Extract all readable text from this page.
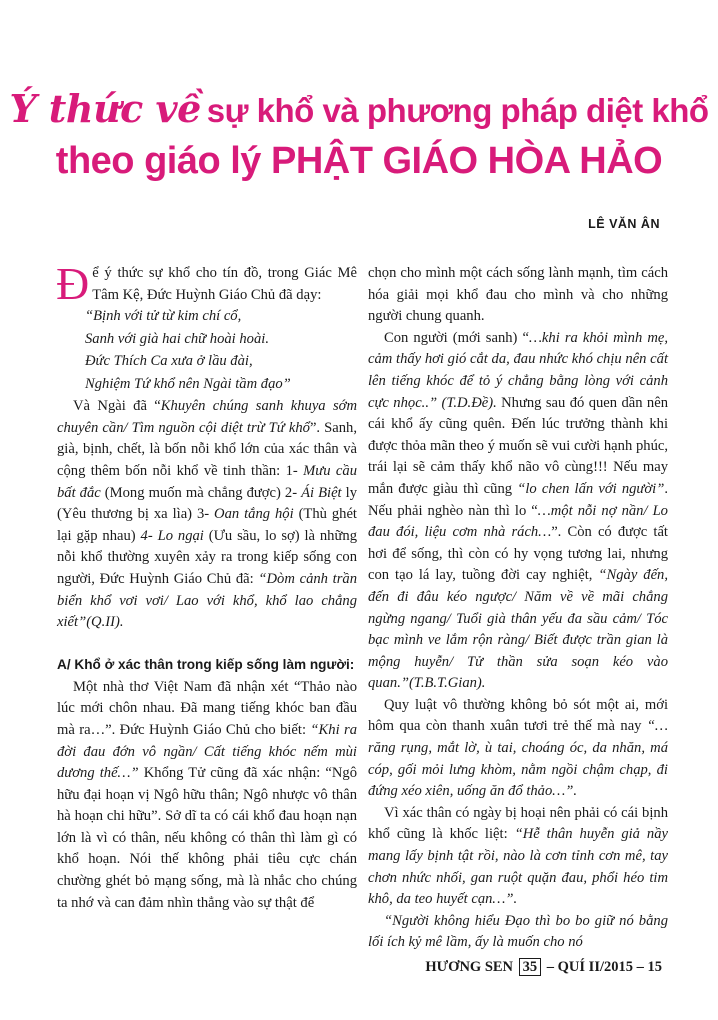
Ý thức về sự khổ và phương pháp diệt khổ
theo giáo lý PHẬT GIÁO HÒA HẢO
LÊ VĂN ÂN

Để ý thức sự khổ cho tín đồ, trong Giác Mê Tâm Kệ, Đức Huỳnh Giáo Chủ đã dạy:

“Bịnh với tử từ kim chí cổ,
Sanh với già hai chữ hoài hoài.
Đức Thích Ca xưa ở lầu đài,
Nghiệm Tứ khổ nên Ngài tầm đạo”

Và Ngài đã “Khuyên chúng sanh khuya sớm chuyên cần/ Tìm nguồn cội diệt trừ Tứ khổ”. Sanh, già, bịnh, chết, là bốn nỗi khổ lớn của xác thân và cộng thêm bốn nỗi khổ về tinh thần: 1- Mưu cầu bất đắc (Mong muốn mà chẳng được) 2- Ái Biệt ly (Yêu thương bị xa lìa) 3- Oan tắng hội (Thù ghét lại gặp nhau) 4- Lo ngại (Ưu sầu, lo sợ) là những nỗi khổ thường xuyên xảy ra trong kiếp sống con người, Đức Huỳnh Giáo Chủ đã: “Dòm cảnh trần biển khổ vơi vơi/ Lao với khổ, khổ lao chẳng xiết”(Q.II).

A/ Khổ ở xác thân trong kiếp sống làm người:

Một nhà thơ Việt Nam đã nhận xét “Thảo nào lúc mới chôn nhau. Đã mang tiếng khóc ban đầu mà ra…”. Đức Huỳnh Giáo Chủ cho biết: “Khi ra đời đau đớn vô ngần/ Cất tiếng khóc nếm mùi dương thế…” Khổng Tử cũng đã xác nhận: “Ngô hữu đại hoạn vị Ngô hữu thân; Ngô nhược vô thân hà hoạn chi hữu”. Sở dĩ ta có cái khổ đau hoạn nạn lớn là vì có thân, nếu không có thân thì làm gì có khổ hoạn. Nói thế không phải tiêu cực chán chường ghét bỏ mạng sống, mà là nhắc cho chúng ta nhớ và can đảm nhìn thẳng vào sự thật để

chọn cho mình một cách sống lành mạnh, tìm cách hóa giải mọi khổ đau cho mình và cho những người chung quanh.

Con người (mới sanh) “…khi ra khỏi mình mẹ, cảm thấy hơi gió cắt da, đau nhức khó chịu nên cất lên tiếng khóc để tỏ ý chẳng bằng lòng với cảnh cực nhọc..” (T.D.Đề). Nhưng sau đó quen dần nên cái khổ ấy cũng quên. Đến lúc trưởng thành khi được thỏa mãn theo ý muốn sẽ vui cười hạnh phúc, trái lại sẽ cảm thấy khổ não vô cùng!!! Nếu may mắn được giàu thì cũng “lo chen lấn với người”. Nếu phải nghèo nàn thì lo “…một nỗi nợ nần/ Lo đau đói, liệu cơm nhà rách…”. Còn có được tất hơi để sống, thì còn có hy vọng tương lai, nhưng con tạo lá lay, tuồng đời cay nghiệt, “Ngày đến, đến đi đâu kéo ngược/ Năm về về mãi chẳng ngừng ngang/ Tuổi già thân yếu đa sầu cảm/ Tóc bạc mình ve lắm rộn ràng/ Biết được trần gian là mộng huyễn/ Tử thần sửa soạn kéo vào quan.”(T.B.T.Gian).

Quy luật vô thường không bỏ sót một ai, mới hôm qua còn thanh xuân tươi trẻ thế mà nay “…răng rụng, mắt lờ, ù tai, choáng óc, da nhăn, má cóp, gối mỏi lưng khòm, nằm ngồi chậm chạp, đi đứng xéo xiên, uống ăn đổ thảo…”.

Vì xác thân có ngày bị hoại nên phải có cái bịnh khổ cũng là khốc liệt: “Hễ thân huyễn giả nầy mang lấy bịnh tật rồi, nào là cơn tỉnh cơn mê, tay chơn nhức nhối, gan ruột quặn đau, phổi héo tim khô, da teo huyết cạn…”.

“Người không hiểu Đạo thì bo bo giữ nó bằng lối ích kỷ mê lầm, ấy là muốn cho nó

HƯƠNG SEN 35 – QUÍ II/2015 – 15
